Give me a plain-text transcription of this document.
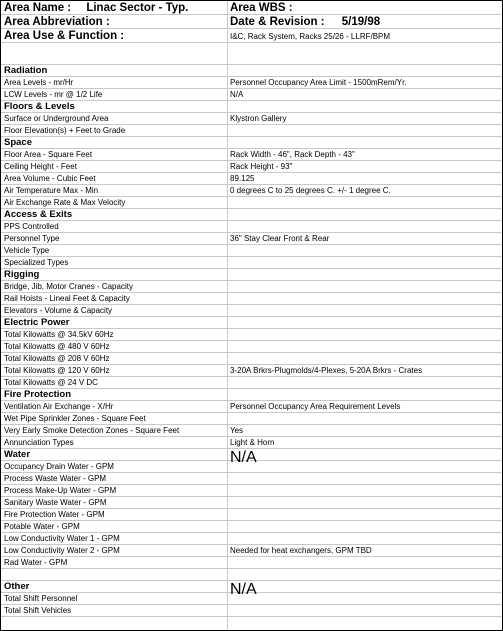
Area Name : Linac Sector - Typ.	Area WBS :
Area Abbreviation :	Date & Revision : 5/19/98
Area Use & Function :	I&C, Rack System, Racks 25/26 - LLRF/BPM
Radiation
Area Levels - mr/Hr	Personnel Occupancy Area Limit - 1500mRem/Yr.
LCW Levels - mr @ 1/2 Life	N/A
Floors & Levels
Surface or Underground Area	Klystron Gallery
Floor Elevation(s) + Feet to Grade
Space
Floor Area - Square Feet	Rack Width - 46", Rack Depth - 43"
Ceiling Height - Feet	Rack Height - 93"
Area Volume - Cubic Feet	89.125
Air Temperature Max - Min	0 degrees C to 25 degrees C. +/- 1 degree C.
Air Exchange Rate & Max Velocity
Access & Exits
PPS Controlled
Personnel Type	36" Stay Clear Front & Rear
Vehicle Type
Specialized Types
Rigging
Bridge, Jib, Motor Cranes - Capacity
Rail Hoists - Lineal Feet & Capacity
Elevators - Volume & Capacity
Electric Power
Total Kilowatts @ 34.5kV 60Hz
Total Kilowatts @ 480 V 60Hz
Total Kilowatts @ 208 V 60Hz
Total Kilowatts @ 120 V 60Hz	3-20A Brkrs-Plugmolds/4-Plexes, 5-20A Brkrs - Crates
Total Kilowatts @ 24 V DC
Fire Protection
Ventilation Air Exchange - X/Hr	Personnel Occupancy Area Requirement Levels
Wet Pipe Sprinkler Zones - Square Feet
Very Early Smoke Detection Zones - Square Feet	Yes
Annunciation Types	Light & Horn
Water	N/A
Occupancy Drain Water - GPM
Process Waste Water - GPM
Process Make-Up Water - GPM
Sanitary Waste Water - GPM
Fire Protection Water - GPM
Potable Water - GPM
Low Conductivity Water 1 - GPM
Low Conductivity Water 2 - GPM	Needed for heat exchangers, GPM TBD
Rad Water - GPM
Other	N/A
Total Shift Personnel
Total Shift Vehicles
